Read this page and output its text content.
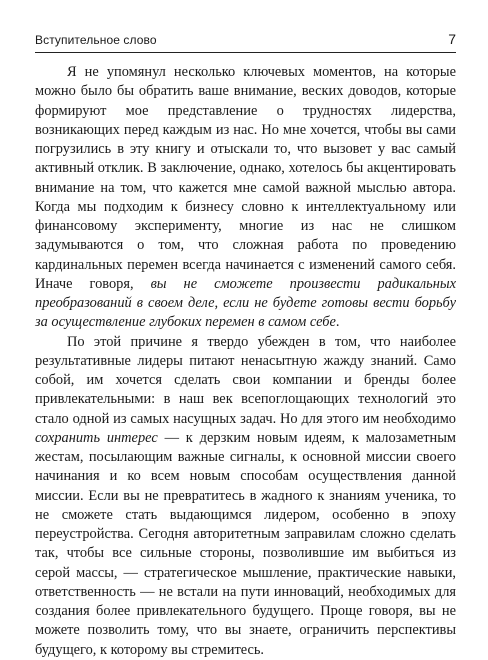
Вступительное слово	7

Я не упомянул несколько ключевых моментов, на которые можно было бы обратить ваше внимание, веских доводов, которые формируют мое представление о трудностях лидерства, возникающих перед каждым из нас. Но мне хочется, чтобы вы сами погрузились в эту книгу и отыскали то, что вызовет у вас самый активный отклик. В заключение, однако, хотелось бы акцентировать внимание на том, что кажется мне самой важной мыслью автора. Когда мы подходим к бизнесу словно к интеллектуальному или финансовому эксперименту, многие из нас не слишком задумываются о том, что сложная работа по проведению кардинальных перемен всегда начинается с изменений самого себя. Иначе говоря, вы не сможете произвести радикальных преобразований в своем деле, если не будете готовы вести борьбу за осуществление глубоких перемен в самом себе.

По этой причине я твердо убежден в том, что наиболее результативные лидеры питают ненасытную жажду знаний. Само собой, им хочется сделать свои компании и бренды более привлекательными: в наш век всепоглощающих технологий это стало одной из самых насущных задач. Но для этого им необходимо сохранить интерес — к дерзким новым идеям, к малозаметным жестам, посылающим важные сигналы, к основной миссии своего начинания и ко всем новым способам осуществления данной миссии. Если вы не превратитесь в жадного к знаниям ученика, то не сможете стать выдающимся лидером, особенно в эпоху переустройства. Сегодня авторитетным заправилам сложно сделать так, чтобы все сильные стороны, позволившие им выбиться из серой массы, — стратегическое мышление, практические навыки, ответственность — не встали на пути инноваций, необходимых для создания более привлекательного будущего. Проще говоря, вы не можете позволить тому, что вы знаете, ограничить перспективы будущего, к которому вы стремитесь.
